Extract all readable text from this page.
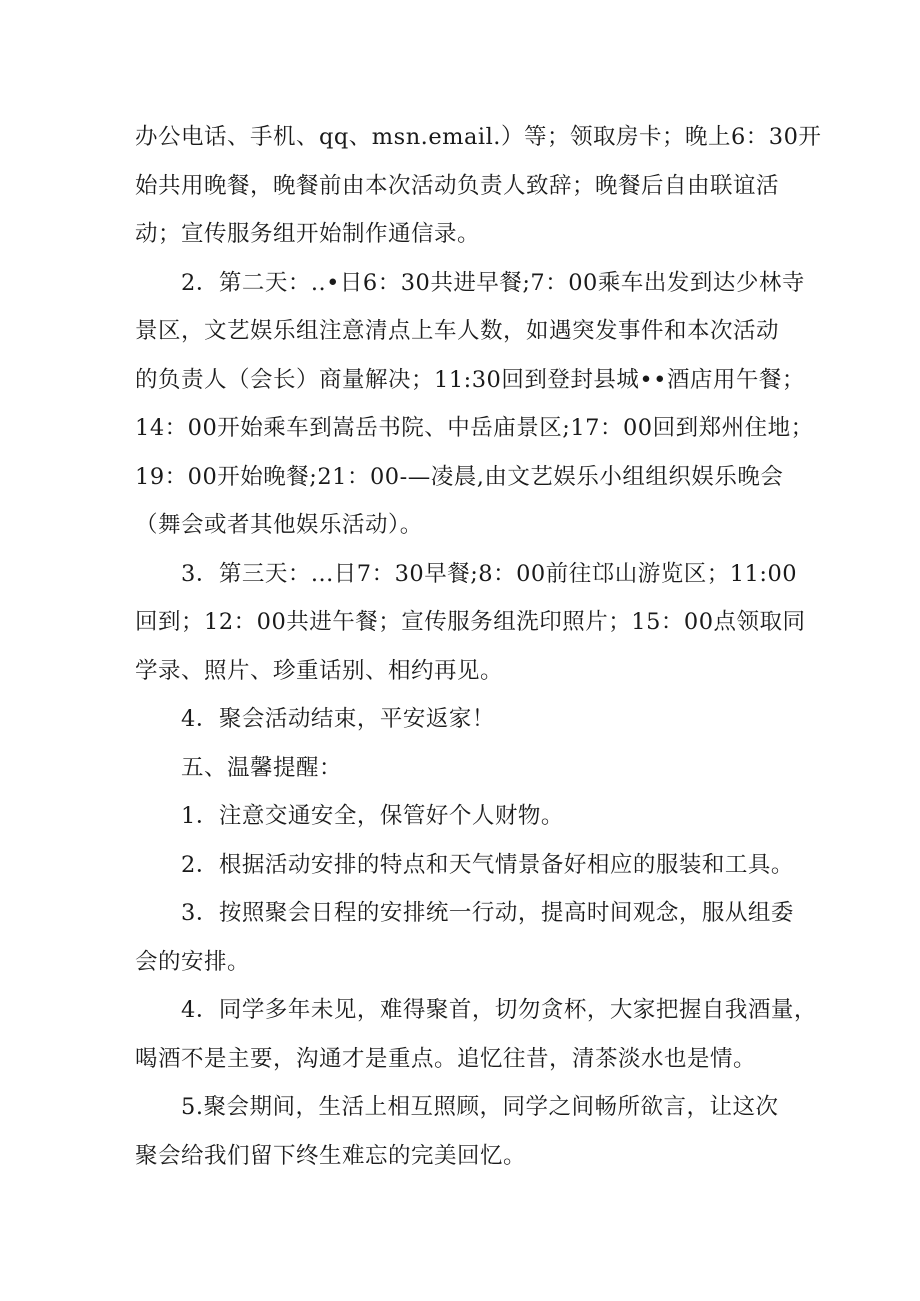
办公电话、手机、qq、msn.email.）等；领取房卡；晚上6：30开
始共用晚餐，晚餐前由本次活动负责人致辞；晚餐后自由联谊活
动；宣传服务组开始制作通信录。

2．第二天：..•日6：30共进早餐;7：00乘车出发到达少林寺
景区，文艺娱乐组注意清点上车人数，如遇突发事件和本次活动
的负责人（会长）商量解决；11:30回到登封县城••酒店用午餐；
14：00开始乘车到嵩岳书院、中岳庙景区;17：00回到郑州住地；
19：00开始晚餐;21：00-—凌晨,由文艺娱乐小组组织娱乐晚会
（舞会或者其他娱乐活动）。

3．第三天：...日7：30早餐;8：00前往邙山游览区；11:00
回到；12：00共进午餐；宣传服务组洗印照片；15：00点领取同
学录、照片、珍重话别、相约再见。

4．聚会活动结束，平安返家！

五、温馨提醒：

1．注意交通安全，保管好个人财物。

2．根据活动安排的特点和天气情景备好相应的服装和工具。

3．按照聚会日程的安排统一行动，提高时间观念，服从组委
会的安排。

4．同学多年未见，难得聚首，切勿贪杯，大家把握自我酒量，
喝酒不是主要，沟通才是重点。追忆往昔，清茶淡水也是情。

5.聚会期间，生活上相互照顾，同学之间畅所欲言，让这次
聚会给我们留下终生难忘的完美回忆。
